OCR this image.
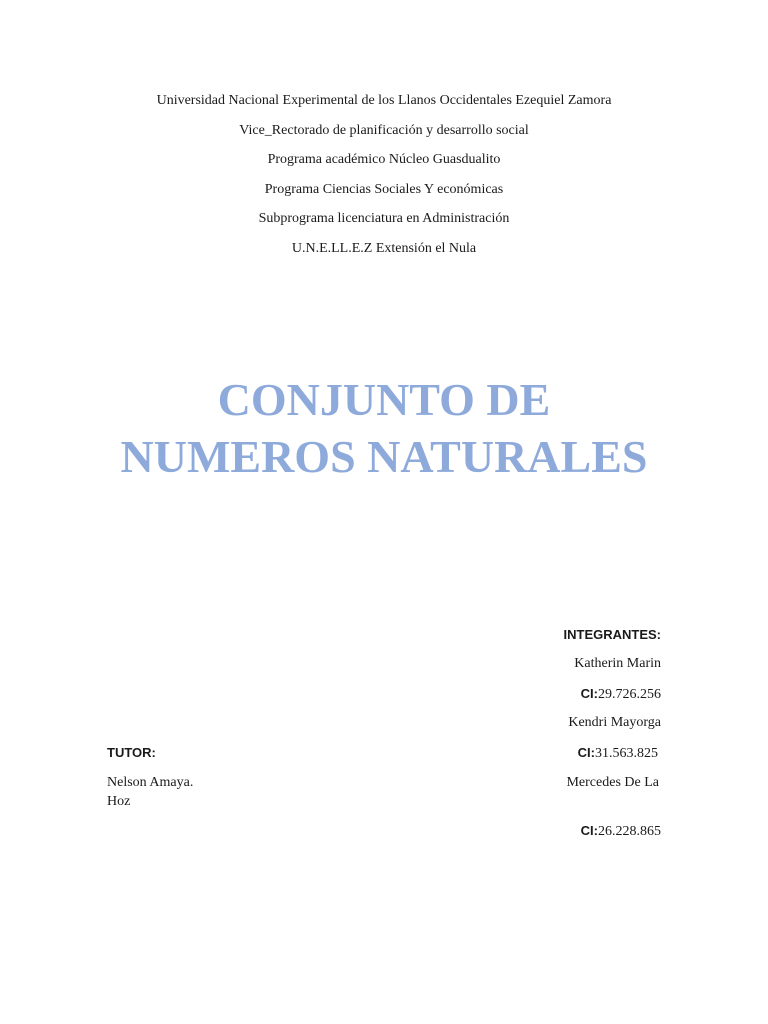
Universidad Nacional Experimental de los Llanos Occidentales Ezequiel Zamora
Vice_Rectorado de planificación y desarrollo social
Programa académico Núcleo Guasdualito
Programa Ciencias Sociales Y económicas
Subprograma licenciatura en Administración
U.N.E.LL.E.Z Extensión el Nula
CONJUNTO DE
NUMEROS NATURALES
INTEGRANTES:
Katherin Marin
CI:29.726.256
Kendri Mayorga
CI:31.563.825
Mercedes De La
CI:26.228.865
TUTOR:
Nelson Amaya.
Hoz
